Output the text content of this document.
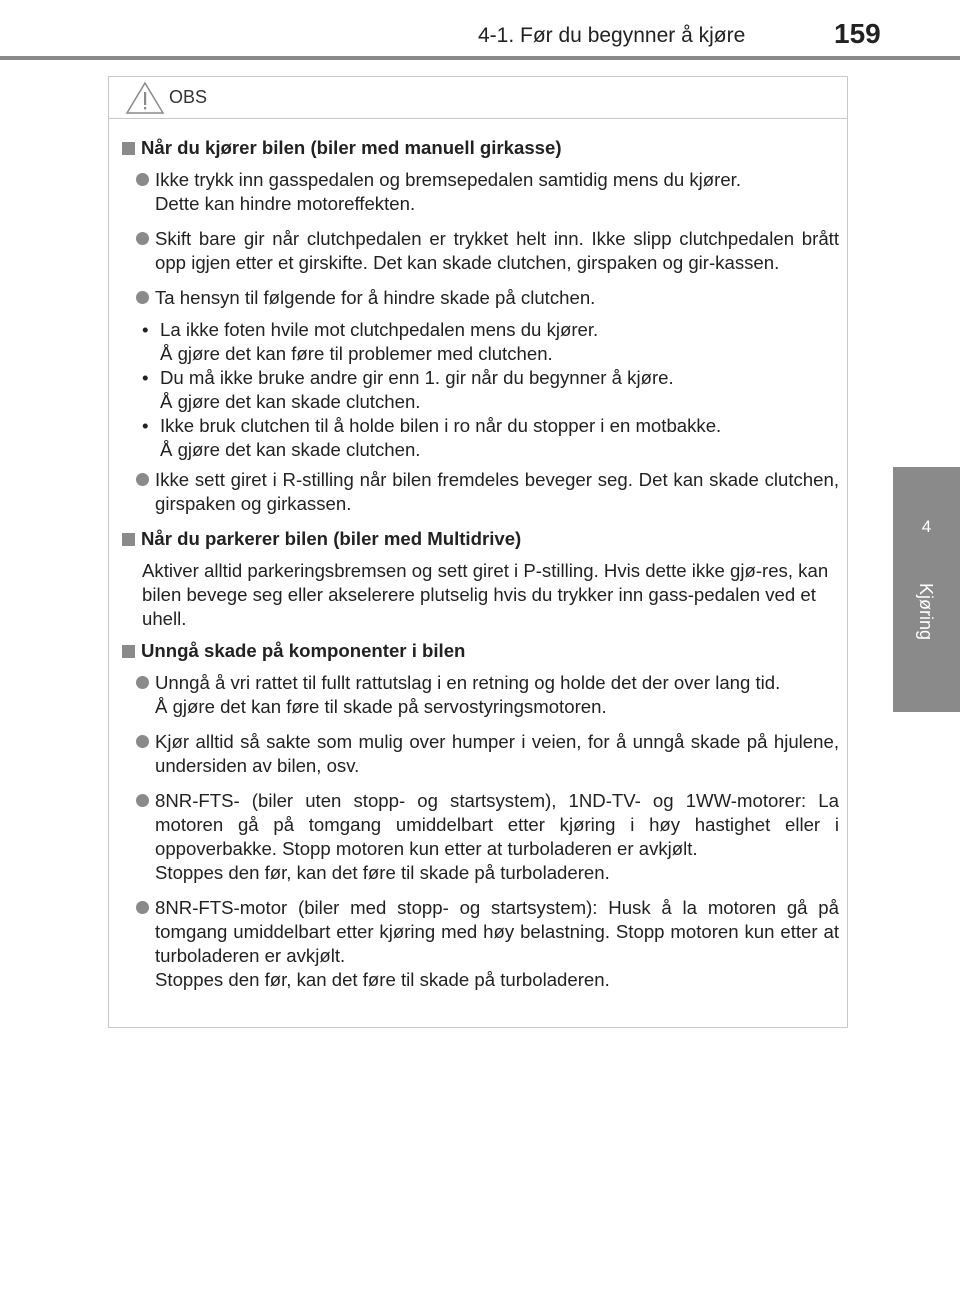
4-1. Før du begynner å kjøre	159
4
Kjøring
OBS
Når du kjører bilen (biler med manuell girkasse)
Ikke trykk inn gasspedalen og bremsepedalen samtidig mens du kjører.
Dette kan hindre motoreffekten.
Skift bare gir når clutchpedalen er trykket helt inn. Ikke slipp clutchpedalen brått opp igjen etter et girskifte. Det kan skade clutchen, girspaken og gir-kassen.
Ta hensyn til følgende for å hindre skade på clutchen.
• La ikke foten hvile mot clutchpedalen mens du kjører.
Å gjøre det kan føre til problemer med clutchen.
• Du må ikke bruke andre gir enn 1. gir når du begynner å kjøre.
Å gjøre det kan skade clutchen.
• Ikke bruk clutchen til å holde bilen i ro når du stopper i en motbakke.
Å gjøre det kan skade clutchen.
Ikke sett giret i R-stilling når bilen fremdeles beveger seg. Det kan skade clutchen, girspaken og girkassen.
Når du parkerer bilen (biler med Multidrive)
Aktiver alltid parkeringsbremsen og sett giret i P-stilling. Hvis dette ikke gjø-res, kan bilen bevege seg eller akselerere plutselig hvis du trykker inn gass-pedalen ved et uhell.
Unngå skade på komponenter i bilen
Unngå å vri rattet til fullt rattutslag i en retning og holde det der over lang tid.
Å gjøre det kan føre til skade på servostyringsmotoren.
Kjør alltid så sakte som mulig over humper i veien, for å unngå skade på hjulene, undersiden av bilen, osv.
8NR-FTS- (biler uten stopp- og startsystem), 1ND-TV- og 1WW-motorer: La motoren gå på tomgang umiddelbart etter kjøring i høy hastighet eller i oppoverbakke. Stopp motoren kun etter at turboladeren er avkjølt.
Stoppes den før, kan det føre til skade på turboladeren.
8NR-FTS-motor (biler med stopp- og startsystem): Husk å la motoren gå på tomgang umiddelbart etter kjøring med høy belastning. Stopp motoren kun etter at turboladeren er avkjølt.
Stoppes den før, kan det føre til skade på turboladeren.
